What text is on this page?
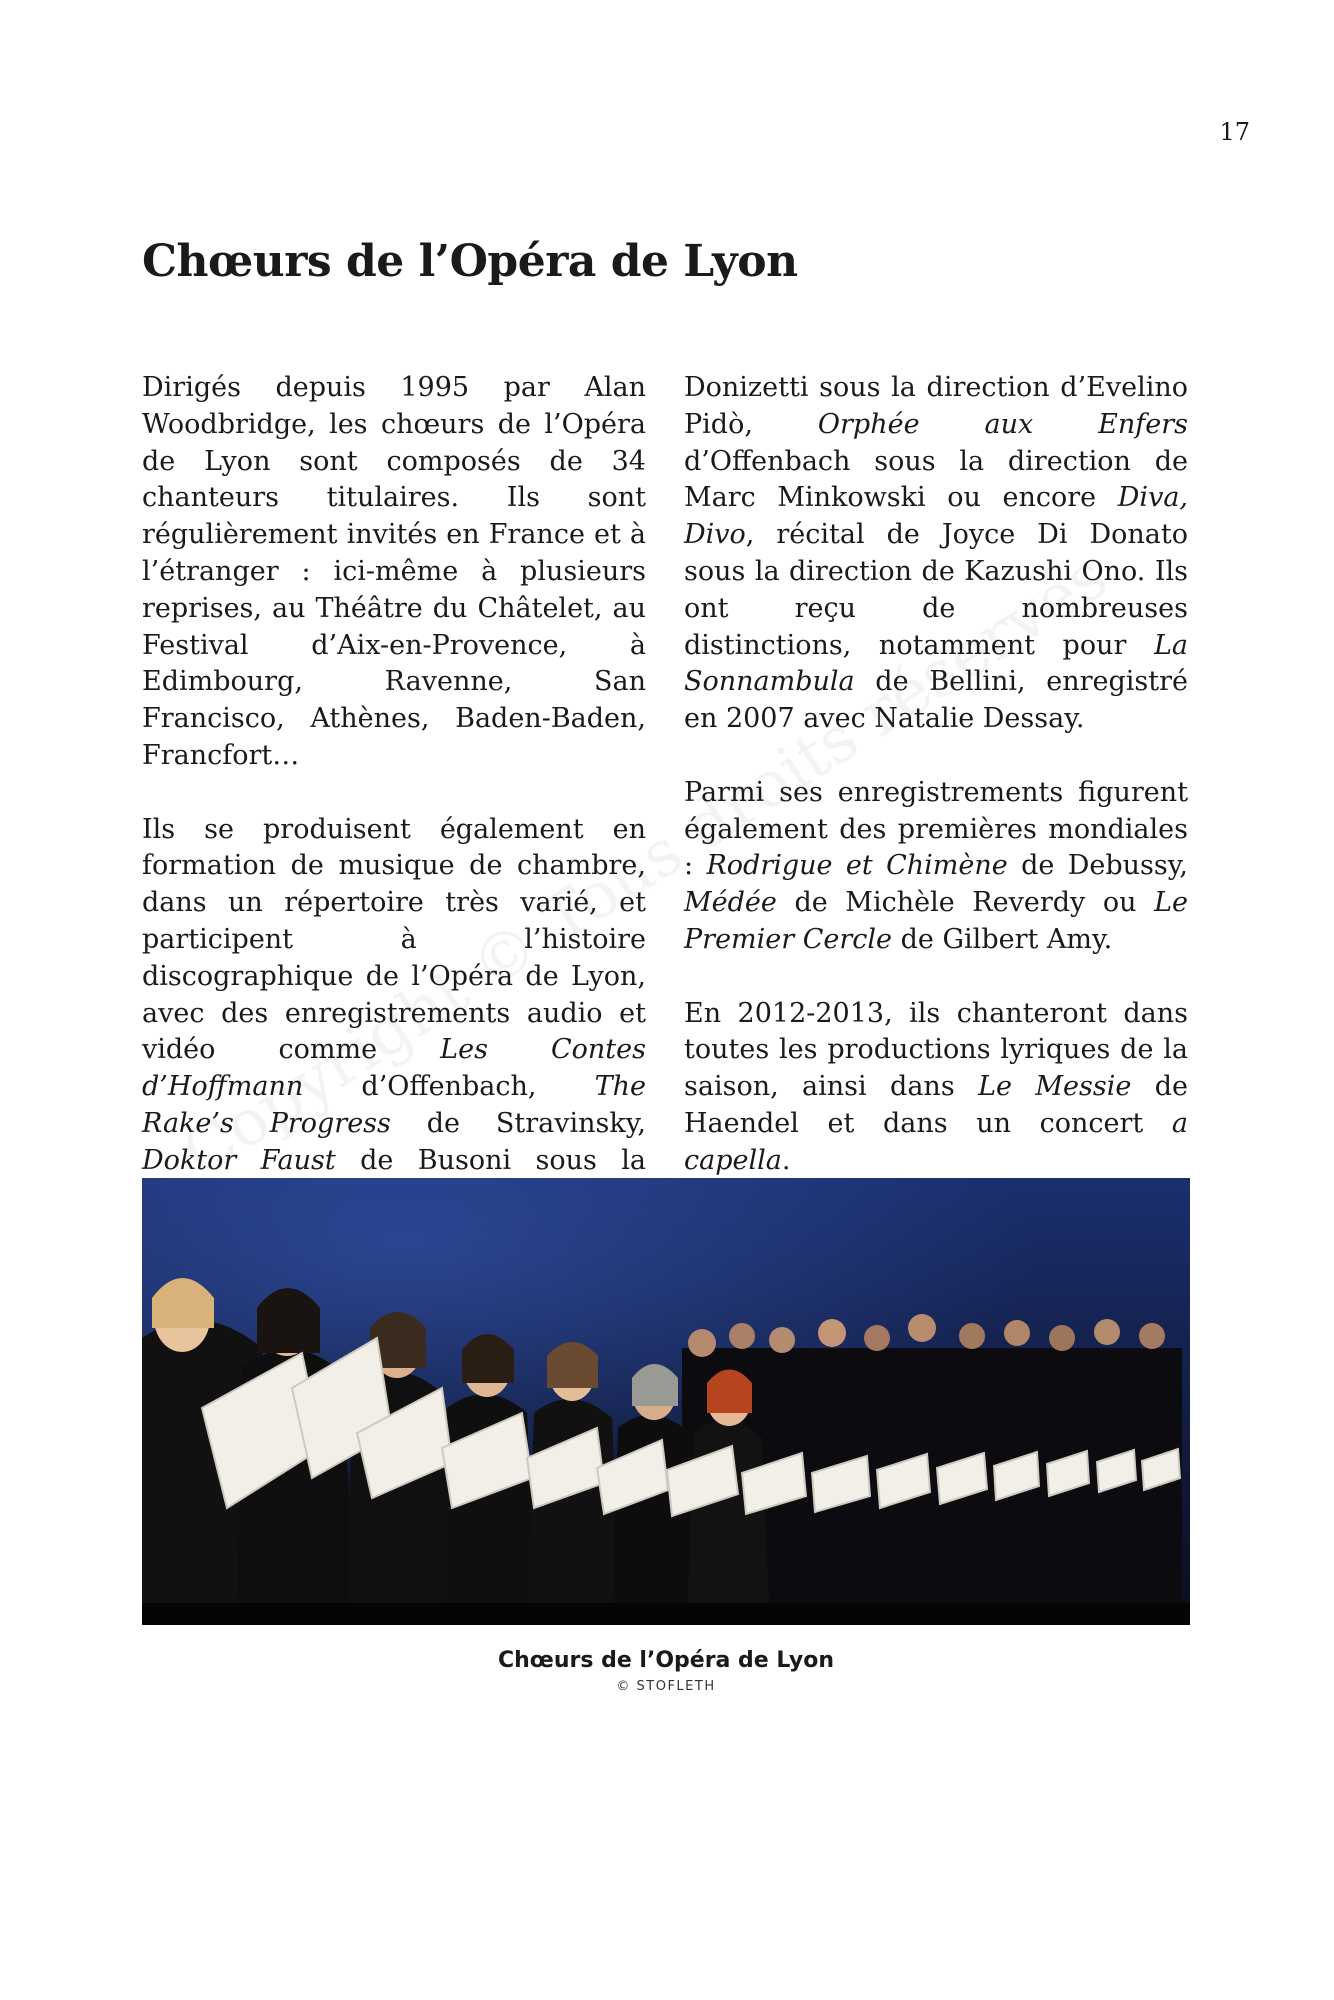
17
Chœurs de l’Opéra de Lyon

Dirigés depuis 1995 par Alan Woodbridge, les chœurs de l’Opéra de Lyon sont composés de 34 chanteurs titulaires. Ils sont régulièrement invités en France et à l’étranger : ici-même à plusieurs reprises, au Théâtre du Châtelet, au Festival d’Aix-en-Provence, à Edimbourg, Ravenne, San Francisco, Athènes, Baden-Baden, Francfort…

Ils se produisent également en formation de musique de chambre, dans un répertoire très varié, et participent à l’histoire discographique de l’Opéra de Lyon, avec des enregistrements audio et vidéo comme Les Contes d’Hoffmann d’Offenbach, The Rake’s Progress de Stravinsky, Doktor Faust de Busoni sous la

Donizetti sous la direction d’Evelino Pidò, Orphée aux Enfers d’Offenbach sous la direction de Marc Minkowski ou encore Diva, Divo, récital de Joyce Di Donato sous la direction de Kazushi Ono. Ils ont reçu de nombreuses distinctions, notamment pour La Sonnambula de Bellini, enregistré en 2007 avec Natalie Dessay.

Parmi ses enregistrements figurent également des premières mondiales : Rodrigue et Chimène de Debussy, Médée de Michèle Reverdy ou Le Premier Cercle de Gilbert Amy.

En 2012-2013, ils chanteront dans toutes les productions lyriques de la saison, ainsi dans Le Messie de Haendel et dans un concert a capella.

Chœurs de l’Opéra de Lyon
© STOFLETH
